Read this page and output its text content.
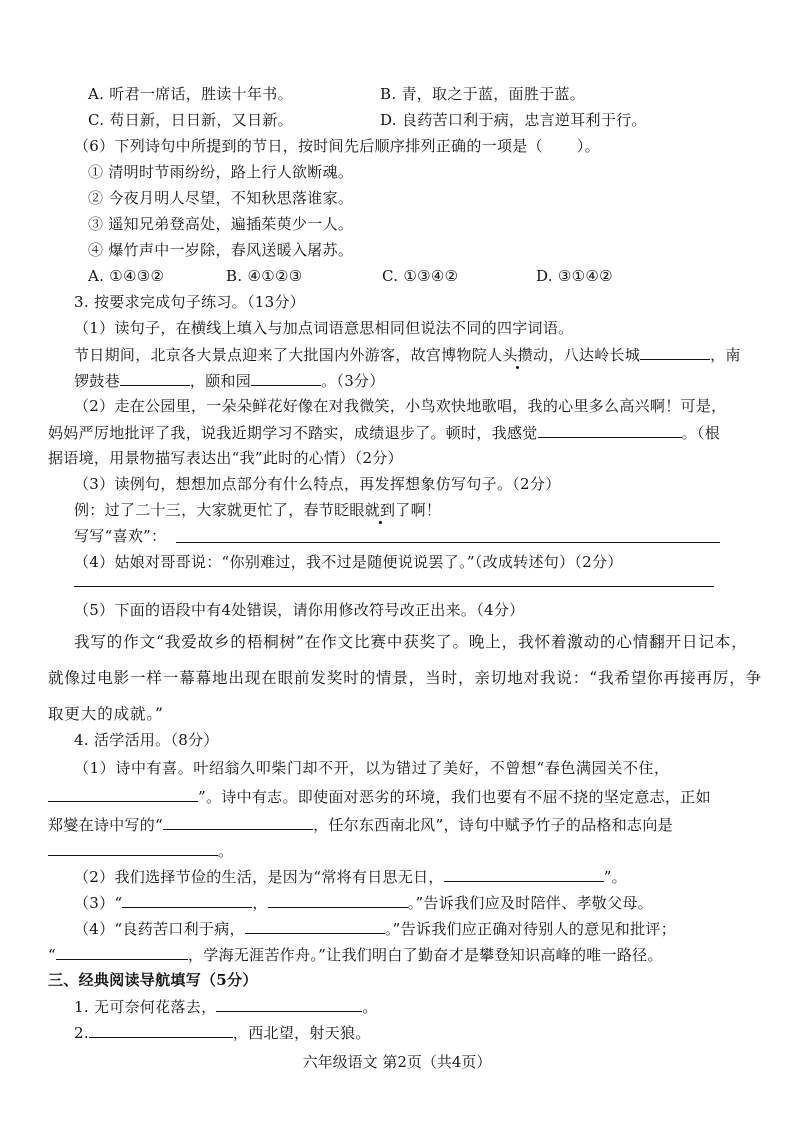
A. 听君一席话，胜读十年书。	B. 青，取之于蓝，面胜于蓝。
C. 苟日新，日日新，又日新。	D. 良药苦口利于病，忠言逆耳利于行。
（6）下列诗句中所提到的节日，按时间先后顺序排列正确的一项是（ ）。
① 清明时节雨纷纷，路上行人欲断魂。
② 今夜月明人尽望，不知秋思落谁家。
③ 遥知兄弟登高处，遍插茱萸少一人。
④ 爆竹声中一岁除，春风送暖入屠苏。
A. ①④③②	B. ④①②③	C. ①③④②	D. ③①④②
3. 按要求完成句子练习。（13分）
（1）读句子，在横线上填入与加点词语意思相同但说法不同的四字词语。
节日期间，北京各大景点迎来了大批国内外游客，故宫博物院人头攒动，八达岭长城	，南
锣鼓巷	，颐和园	。（3分）
（2）走在公园里，一朵朵鲜花好像在对我微笑，小鸟欢快地歌唱，我的心里多么高兴啊！可是，
妈妈严厉地批评了我，说我近期学习不踏实，成绩退步了。顿时，我感觉	。（根
据语境，用景物描写表达出“我”此时的心情）（2分）
（3）读例句，想想加点部分有什么特点，再发挥想象仿写句子。（2分）
例：过了二十三，大家就更忙了，春节眨眼就到了啊！
写写“喜欢”：
（4）姑娘对哥哥说：“你别难过，我不过是随便说说罢了。”（改成转述句）（2分）
（5）下面的语段中有4处错误，请你用修改符号改正出来。（4分）
我写的作文“我爱故乡的梧桐树”在作文比赛中获奖了。晚上，我怀着激动的心情翻开日记本，
就像过电影一样一幕幕地出现在眼前发奖时的情景，当时，亲切地对我说：“我希望你再接再厉，争
取更大的成就。”
4. 活学活用。（8分）
（1）诗中有喜。叶绍翁久叩柴门却不开，以为错过了美好，不曾想“春色满园关不住，
”。诗中有志。即使面对恶劣的环境，我们也要有不屈不挠的坚定意志，正如
郑燮在诗中写的“	，任尔东西南北风”，诗句中赋予竹子的品格和志向是
。
（2）我们选择节俭的生活，是因为“常将有日思无日，	”。
（3）“	，	。”告诉我们应及时陪伴、孝敬父母。
（4）“良药苦口利于病，	。”告诉我们应正确对待别人的意见和批评；
“	，学海无涯苦作舟。”让我们明白了勤奋才是攀登知识高峰的唯一路径。
三、经典阅读导航填写（5分）
1. 无可奈何花落去，	。
2.	，西北望，射天狼。
六年级语文 第2页（共4页）
